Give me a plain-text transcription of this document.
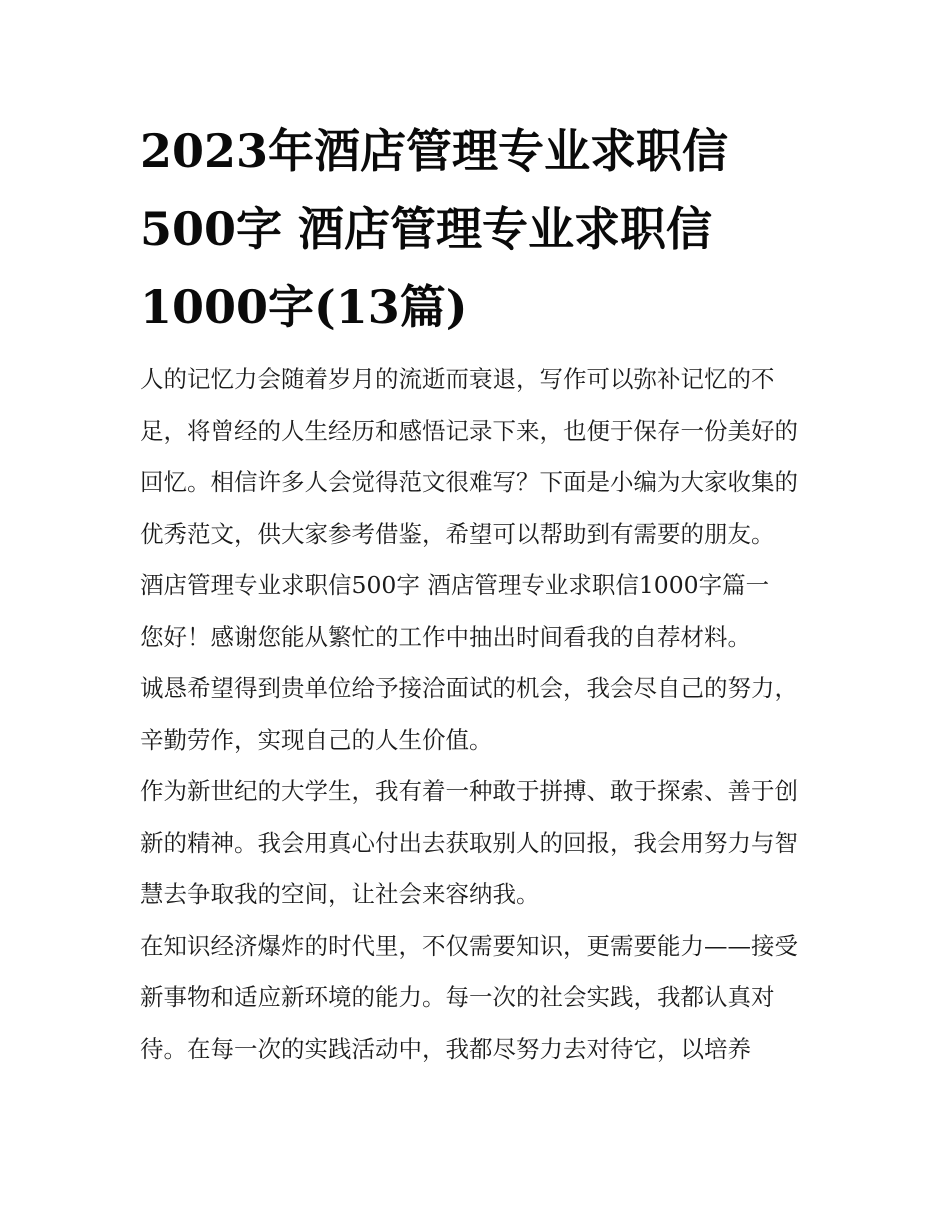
2023年酒店管理专业求职信
500字 酒店管理专业求职信
1000字(13篇)

人的记忆力会随着岁月的流逝而衰退，写作可以弥补记忆的不足，将曾经的人生经历和感悟记录下来，也便于保存一份美好的回忆。相信许多人会觉得范文很难写？下面是小编为大家收集的优秀范文，供大家参考借鉴，希望可以帮助到有需要的朋友。

酒店管理专业求职信500字 酒店管理专业求职信1000字篇一

您好！感谢您能从繁忙的工作中抽出时间看我的自荐材料。

诚恳希望得到贵单位给予接洽面试的机会，我会尽自己的努力，辛勤劳作，实现自己的人生价值。

作为新世纪的大学生，我有着一种敢于拼搏、敢于探索、善于创新的精神。我会用真心付出去获取别人的回报，我会用努力与智慧去争取我的空间，让社会来容纳我。

在知识经济爆炸的时代里，不仅需要知识，更需要能力——接受新事物和适应新环境的能力。每一次的社会实践，我都认真对待。在每一次的实践活动中，我都尽努力去对待它，以培养
